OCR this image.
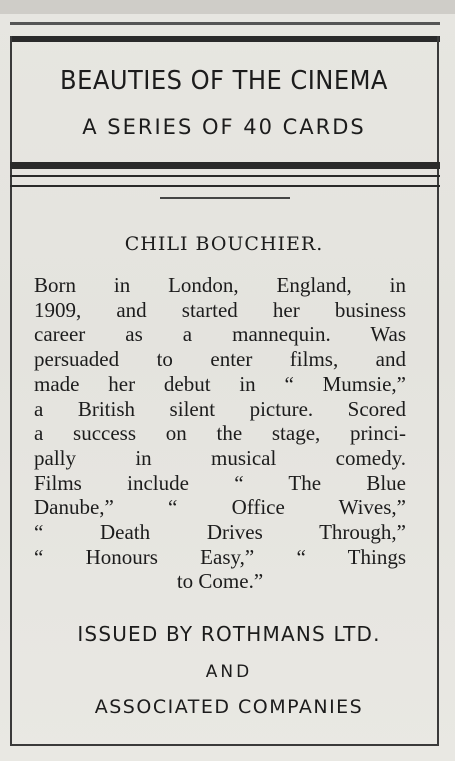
BEAUTIES OF THE CINEMA
A SERIES OF 40 CARDS
CHILI BOUCHIER.
Born in London, England, in
1909, and started her business
career as a mannequin. Was
persuaded to enter films, and
made her debut in “ Mumsie,”
a British silent picture. Scored
a success on the stage, princi-
pally in musical comedy.
Films include “ The Blue
Danube,” “ Office Wives,”
“ Death Drives Through,”
“ Honours Easy,” “ Things
to Come.”
ISSUED BY ROTHMANS LTD.
AND
ASSOCIATED COMPANIES
